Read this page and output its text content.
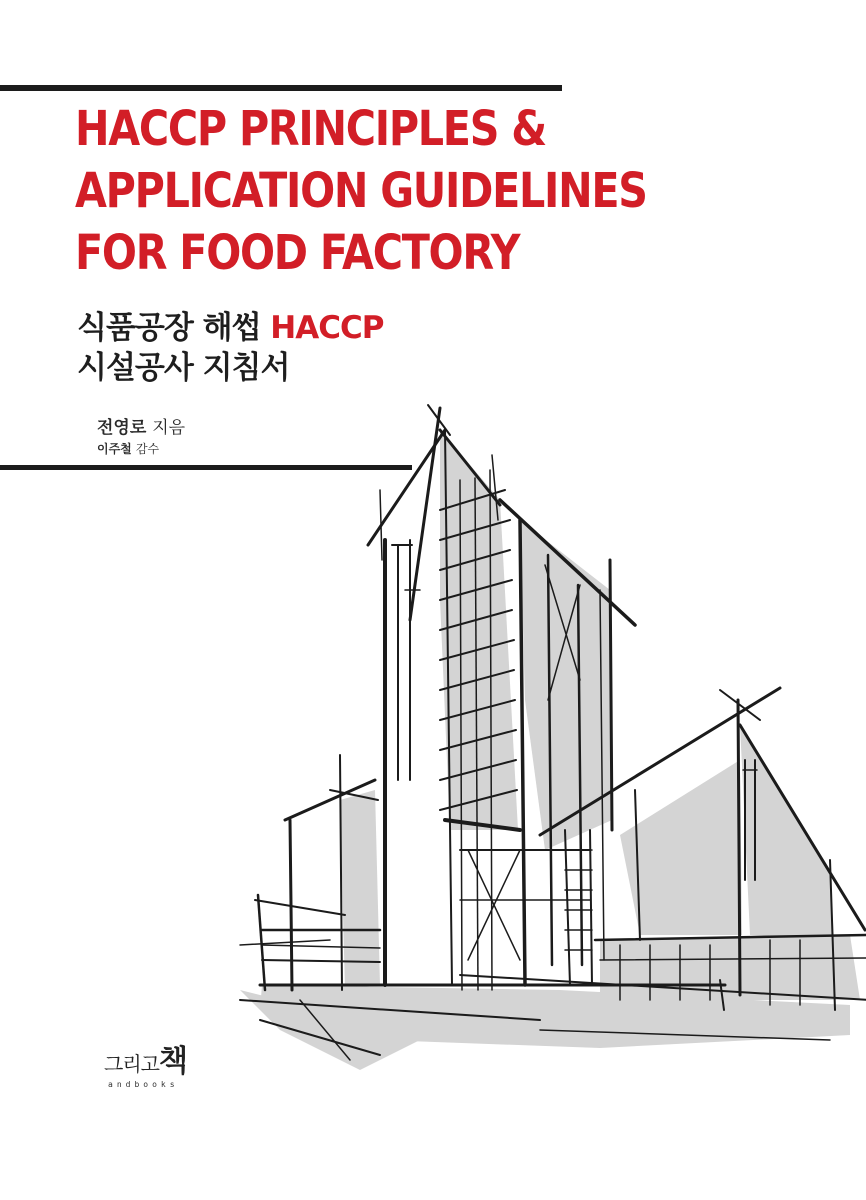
HACCP PRINCIPLES &
APPLICATION GUIDELINES
FOR FOOD FACTORY
식품공장 해썹 HACCP
시설공사 지침서
전영로 지음
이주철 감수
그리고책
andbooks
